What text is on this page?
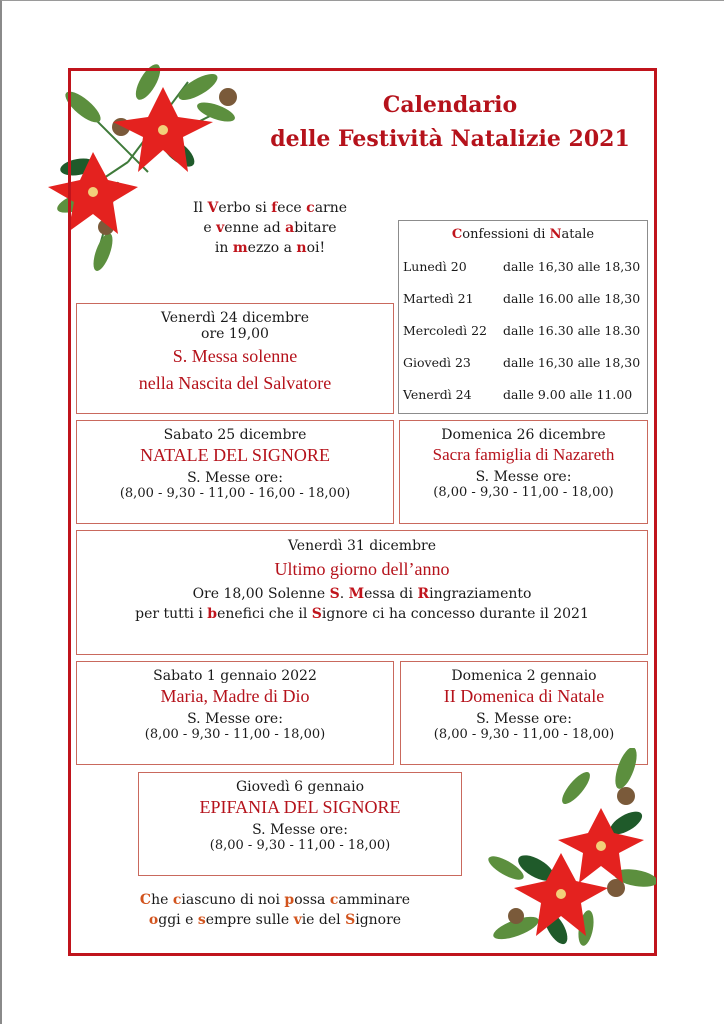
Calendario
delle Festività Natalizie 2021
Il Verbo si fece carne
e venne ad abitare
in mezzo a noi!
Confessioni di Natale
Lunedì 20	dalle 16,30 alle 18,30
Martedì 21	dalle 16.00 alle 18,30
Mercoledì 22	dalle 16.30 alle 18.30
Giovedì 23	dalle 16,30 alle 18,30
Venerdì 24	dalle 9.00 alle 11.00
Venerdì 24 dicembre
ore 19,00
S. Messa solenne
nella Nascita del Salvatore
Sabato 25 dicembre
NATALE DEL SIGNORE
S. Messe ore:
(8,00 - 9,30 - 11,00 - 16,00 - 18,00)
Domenica 26 dicembre
Sacra famiglia di Nazareth
S. Messe ore:
(8,00 - 9,30 - 11,00 - 18,00)
Venerdì 31 dicembre
Ultimo giorno dell’anno
Ore 18,00 Solenne S. Messa di Ringraziamento
per tutti i benefici che il Signore ci ha concesso durante il 2021
Sabato 1 gennaio 2022
Maria, Madre di Dio
S. Messe ore:
(8,00 - 9,30 - 11,00 - 18,00)
Domenica 2 gennaio
II Domenica di Natale
S. Messe ore:
(8,00 - 9,30 - 11,00 - 18,00)
Giovedì 6 gennaio
EPIFANIA DEL SIGNORE
S. Messe ore:
(8,00 - 9,30 - 11,00 - 18,00)
Che ciascuno di noi possa camminare
oggi e sempre sulle vie del Signore
